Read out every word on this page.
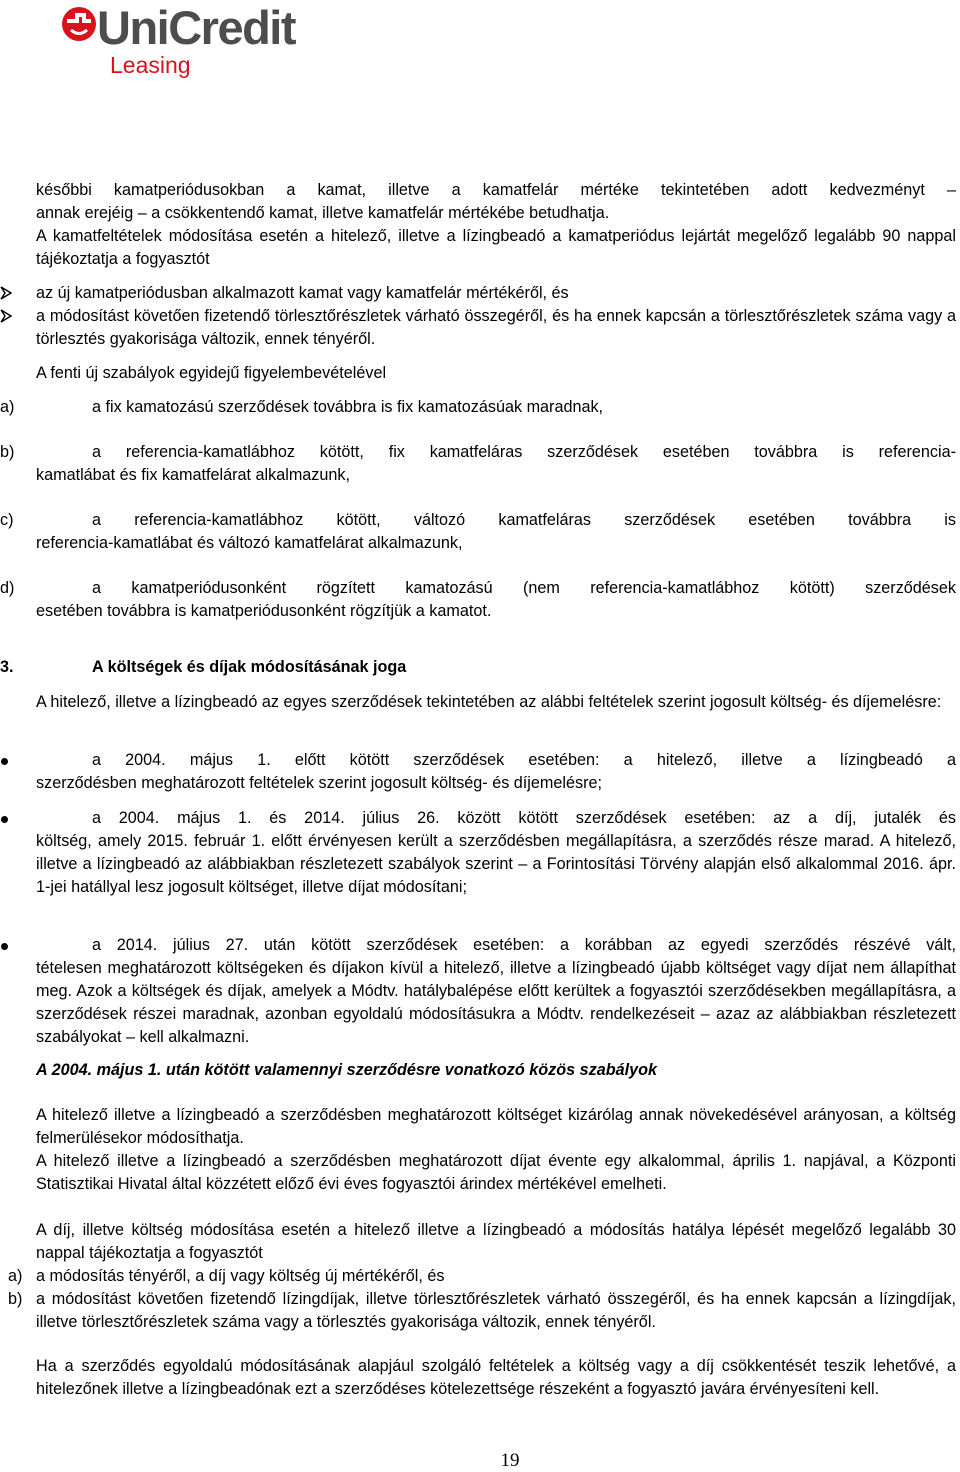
UniCredit
Leasing
későbbi kamatperiódusokban a kamat, illetve a kamatfelár mértéke tekintetében adott kedvezményt –
annak erejéig – a csökkentendő kamat, illetve kamatfelár mértékébe betudhatja.
A kamatfeltételek módosítása esetén a hitelező, illetve a lízingbeadó a kamatperiódus lejártát megelőző legalább 90 nappal tájékoztatja a fogyasztót
az új kamatperiódusban alkalmazott kamat vagy kamatfelár mértékéről, és
a módosítást követően fizetendő törlesztőrészletek várható összegéről, és ha ennek kapcsán a törlesztőrészletek száma vagy a törlesztés gyakorisága változik, ennek tényéről.
A fenti új szabályok egyidejű figyelembevételével
a)	a fix kamatozású szerződések továbbra is fix kamatozásúak maradnak,
b)	a referencia-kamatlábhoz kötött, fix kamatfeláras szerződések esetében továbbra is referencia-
kamatlábat és fix kamatfelárat alkalmazunk,
c)	a referencia-kamatlábhoz kötött, változó kamatfeláras szerződések esetében továbbra is
referencia-kamatlábat és változó kamatfelárat alkalmazunk,
d)	a kamatperiódusonként rögzített kamatozású (nem referencia-kamatlábhoz kötött) szerződések
esetében továbbra is kamatperiódusonként rögzítjük a kamatot.
3.	A költségek és díjak módosításának joga
A hitelező, illetve a lízingbeadó az egyes szerződések tekintetében az alábbi feltételek szerint jogosult költség- és díjemelésre:
a 2004. május 1. előtt kötött szerződések esetében: a hitelező, illetve a lízingbeadó a
szerződésben meghatározott feltételek szerint jogosult költség- és díjemelésre;
a 2004. május 1. és 2014. július 26. között kötött szerződések esetében: az a díj, jutalék és
költség, amely 2015. február 1. előtt érvényesen került a szerződésben megállapításra, a szerződés része marad. A hitelező, illetve a lízingbeadó az alábbiakban részletezett szabályok szerint – a Forintosítási Törvény alapján első alkalommal 2016. ápr. 1-jei hatállyal lesz jogosult költséget, illetve díjat módosítani;
a 2014. július 27. után kötött szerződések esetében: a korábban az egyedi szerződés részévé vált,
tételesen meghatározott költségeken és díjakon kívül a hitelező, illetve a lízingbeadó újabb költséget vagy díjat nem állapíthat meg. Azok a költségek és díjak, amelyek a Módtv. hatálybalépése előtt kerültek a fogyasztói szerződésekben megállapításra, a szerződések részei maradnak, azonban egyoldalú módosításukra a Módtv. rendelkezéseit – azaz az alábbiakban részletezett szabályokat – kell alkalmazni.
A 2004. május 1. után kötött valamennyi szerződésre vonatkozó közös szabályok
A hitelező illetve a lízingbeadó a szerződésben meghatározott költséget kizárólag annak növekedésével arányosan, a költség felmerülésekor módosíthatja.
A hitelező illetve a lízingbeadó a szerződésben meghatározott díjat évente egy alkalommal, április 1. napjával, a Központi Statisztikai Hivatal által közzétett előző évi éves fogyasztói árindex mértékével emelheti.
A díj, illetve költség módosítása esetén a hitelező illetve a lízingbeadó a módosítás hatálya lépését megelőző legalább 30 nappal tájékoztatja a fogyasztót
a) a módosítás tényéről, a díj vagy költség új mértékéről, és
b) a módosítást követően fizetendő lízingdíjak, illetve törlesztőrészletek várható összegéről, és ha ennek kapcsán a lízingdíjak, illetve törlesztőrészletek száma vagy a törlesztés gyakorisága változik, ennek tényéről.
Ha a szerződés egyoldalú módosításának alapjául szolgáló feltételek a költség vagy a díj csökkentését teszik lehetővé, a hitelezőnek illetve a lízingbeadónak ezt a szerződéses kötelezettsége részeként a fogyasztó javára érvényesíteni kell.
19
